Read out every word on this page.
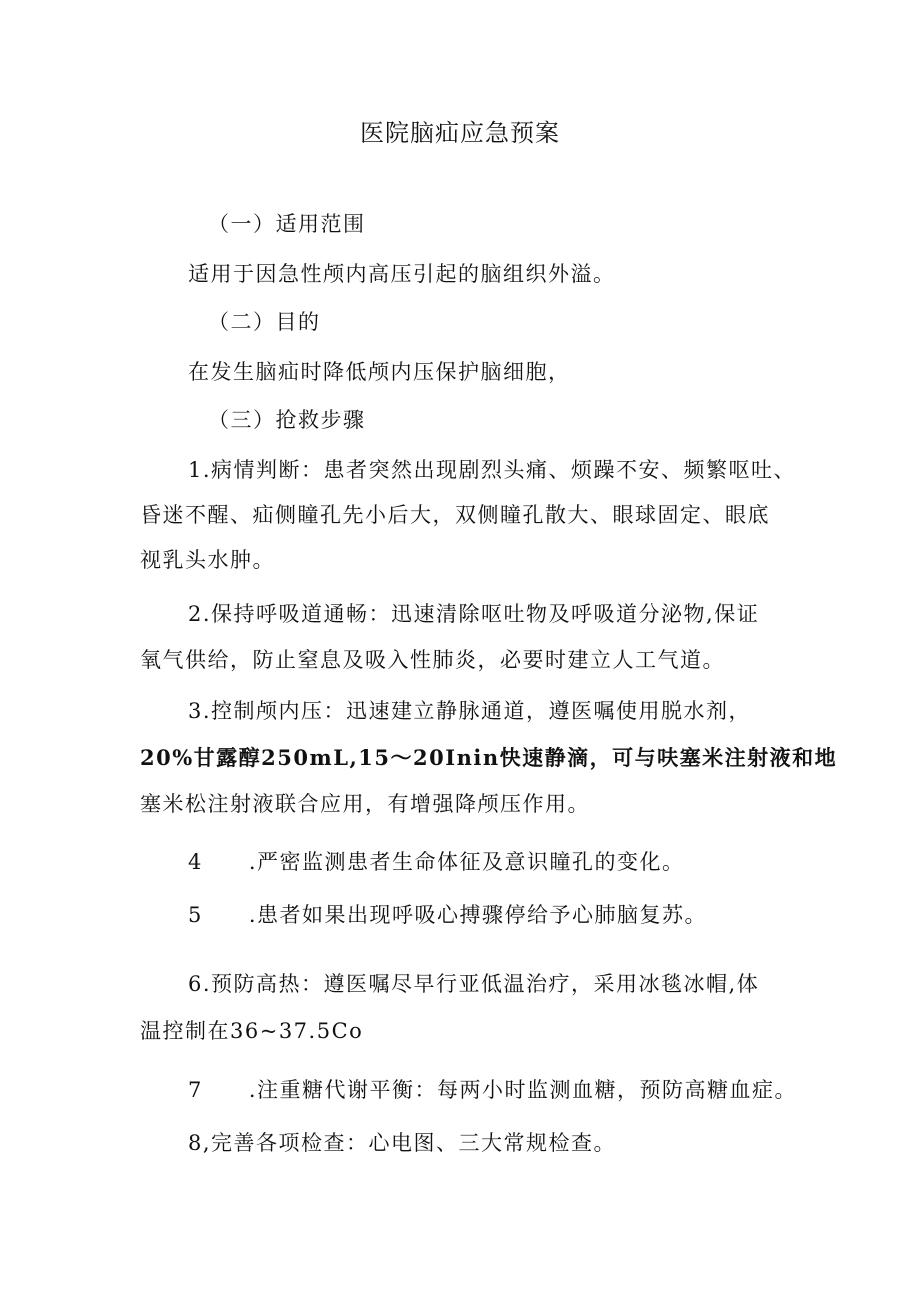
医院脑疝应急预案

（一）适用范围

适用于因急性颅内高压引起的脑组织外溢。

（二）目的

在发生脑疝时降低颅内压保护脑细胞，

（三）抢救步骤

1.病情判断：患者突然出现剧烈头痛、烦躁不安、频繁呕吐、

昏迷不醒、疝侧瞳孔先小后大，双侧瞳孔散大、眼球固定、眼底

视乳头水肿。

2.保持呼吸道通畅：迅速清除呕吐物及呼吸道分泌物,保证

氧气供给，防止窒息及吸入性肺炎，必要时建立人工气道。

3.控制颅内压：迅速建立静脉通道，遵医嘱使用脱水剂，

20%甘露醇250mL,15～20Inin快速静滴，可与呋塞米注射液和地

塞米松注射液联合应用，有增强降颅压作用。

4 .严密监测患者生命体征及意识瞳孔的变化。

5 .患者如果出现呼吸心搏骤停给予心肺脑复苏。

6.预防高热：遵医嘱尽早行亚低温治疗，采用冰毯冰帽,体

温控制在36~37.5Co

7 .注重糖代谢平衡：每两小时监测血糖，预防高糖血症。

8,完善各项检查：心电图、三大常规检查。
